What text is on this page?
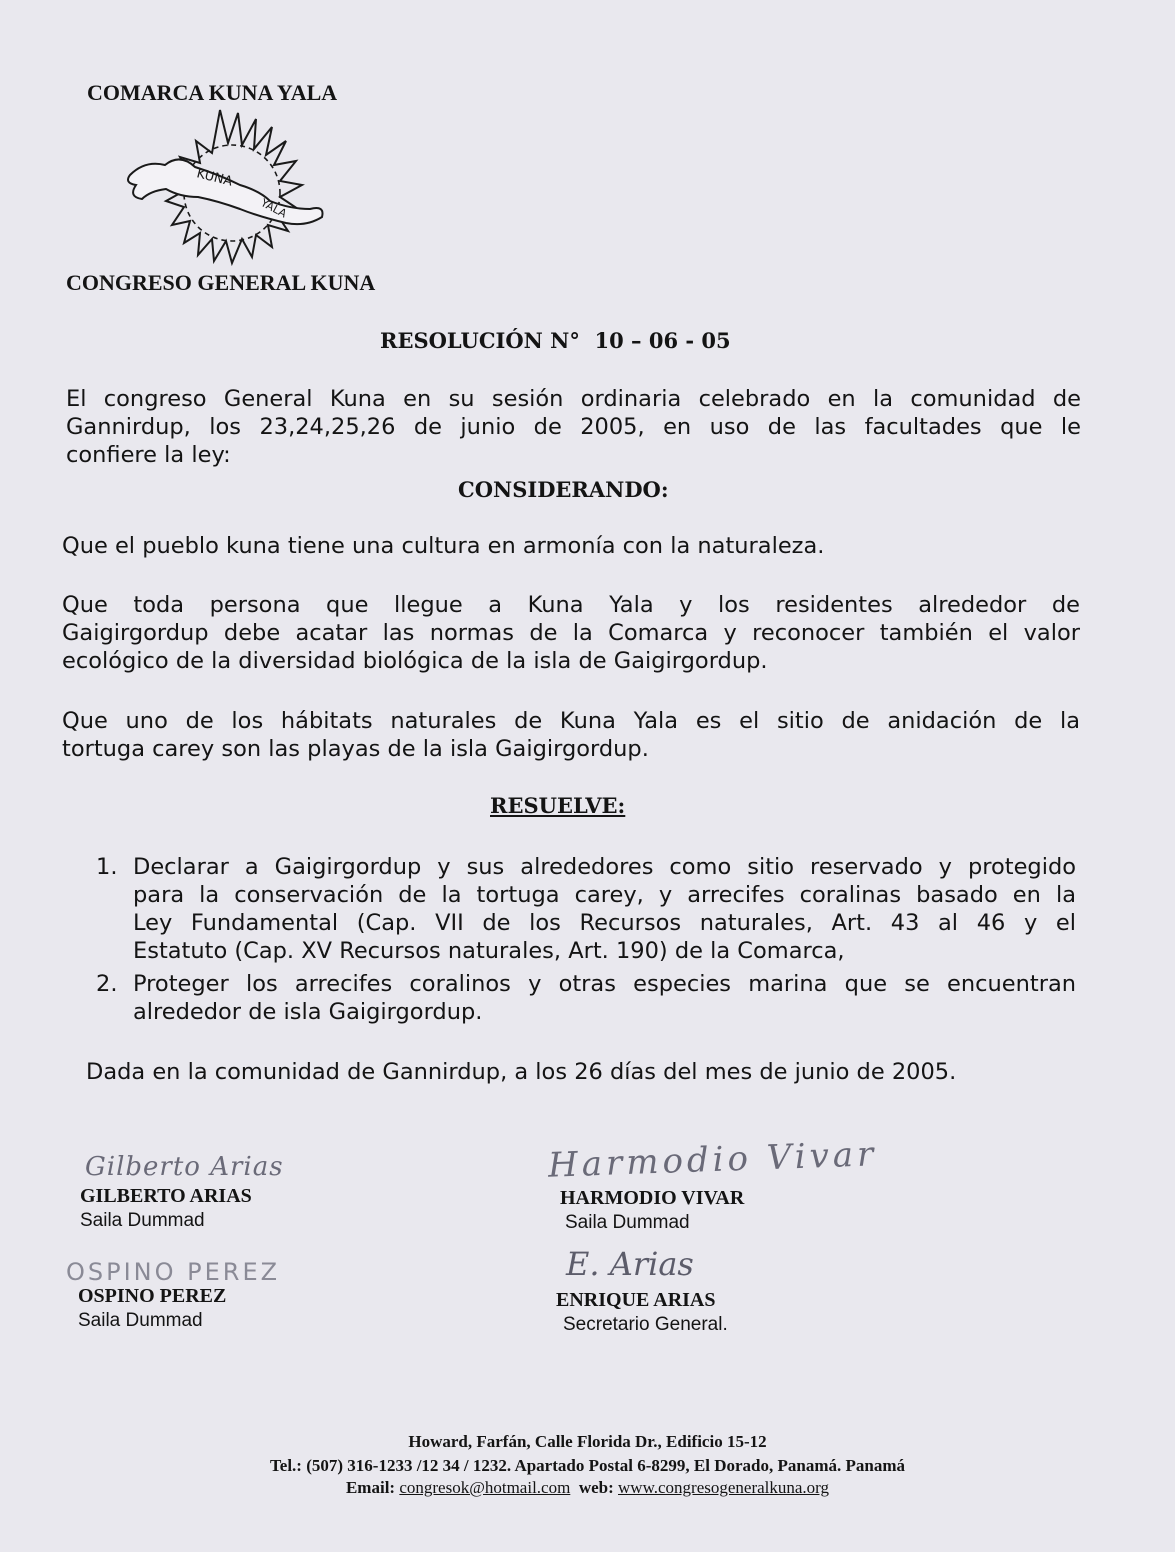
COMARCA KUNA YALA
KUNA
YALA
CONGRESO GENERAL KUNA
RESOLUCIÓN N° 10 – 06 - 05
El congreso General Kuna en su sesión ordinaria celebrado en la comunidad de
Gannirdup, los 23,24,25,26 de junio de 2005, en uso de las facultades que le
confiere la ley:
CONSIDERANDO:
Que el pueblo kuna tiene una cultura en armonía con la naturaleza.
Que toda persona que llegue a Kuna Yala y los residentes alrededor de
Gaigirgordup debe acatar las normas de la Comarca y reconocer también el valor
ecológico de la diversidad biológica de la isla de Gaigirgordup.
Que uno de los hábitats naturales de Kuna Yala es el sitio de anidación de la
tortuga carey son las playas de la isla Gaigirgordup.
RESUELVE:
1. Declarar a Gaigirgordup y sus alrededores como sitio reservado y protegido
para la conservación de la tortuga carey, y arrecifes coralinas basado en la
Ley Fundamental (Cap. VII de los Recursos naturales, Art. 43 al 46 y el
Estatuto (Cap. XV Recursos naturales, Art. 190) de la Comarca,
2. Proteger los arrecifes coralinos y otras especies marina que se encuentran
alrededor de isla Gaigirgordup.
Dada en la comunidad de Gannirdup, a los 26 días del mes de junio de 2005.
Gilberto Arias
GILBERTO ARIAS
Saila Dummad
Harmodio Vivar
HARMODIO VIVAR
Saila Dummad
OSPINO PEREZ
OSPINO PEREZ
Saila Dummad
E. Arias
ENRIQUE ARIAS
Secretario General.
Howard, Farfán, Calle Florida Dr., Edificio 15-12
Tel.: (507) 316-1233 /12 34 / 1232. Apartado Postal 6-8299, El Dorado, Panamá. Panamá
Email: congresok@hotmail.com web: www.congresogeneralkuna.org
